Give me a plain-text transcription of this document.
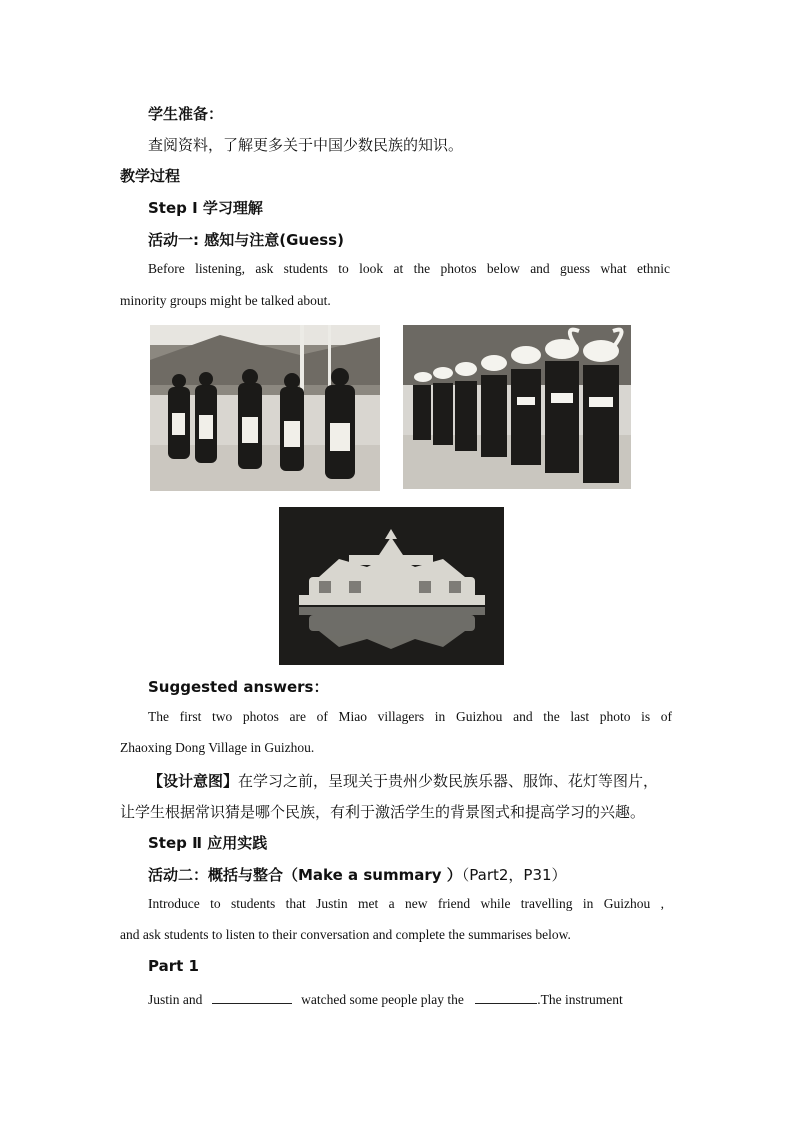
学生准备：
查阅资料，了解更多关于中国少数民族的知识。
教学过程
Step I 学习理解
活动一: 感知与注意(Guess)
Before listening, ask students to look at the photos below and guess what ethnic
minority groups might be talked about.
Suggested answers：
The first two photos are of Miao villagers in Guizhou and the last photo is of
Zhaoxing Dong Village in Guizhou.
【设计意图】在学习之前，呈现关于贵州少数民族乐器、服饰、花灯等图片，
让学生根据常识猜是哪个民族，有利于激活学生的背景图式和提高学习的兴趣。
Step Ⅱ 应用实践
活动二：概括与整合（Make a summary ）（Part2，P31）
Introduce to students that Justin met a new friend while travelling in Guizhou ,
and ask students to listen to their conversation and complete the summarises below.
Part 1
Justin and	watched some people play the	.The instrument
